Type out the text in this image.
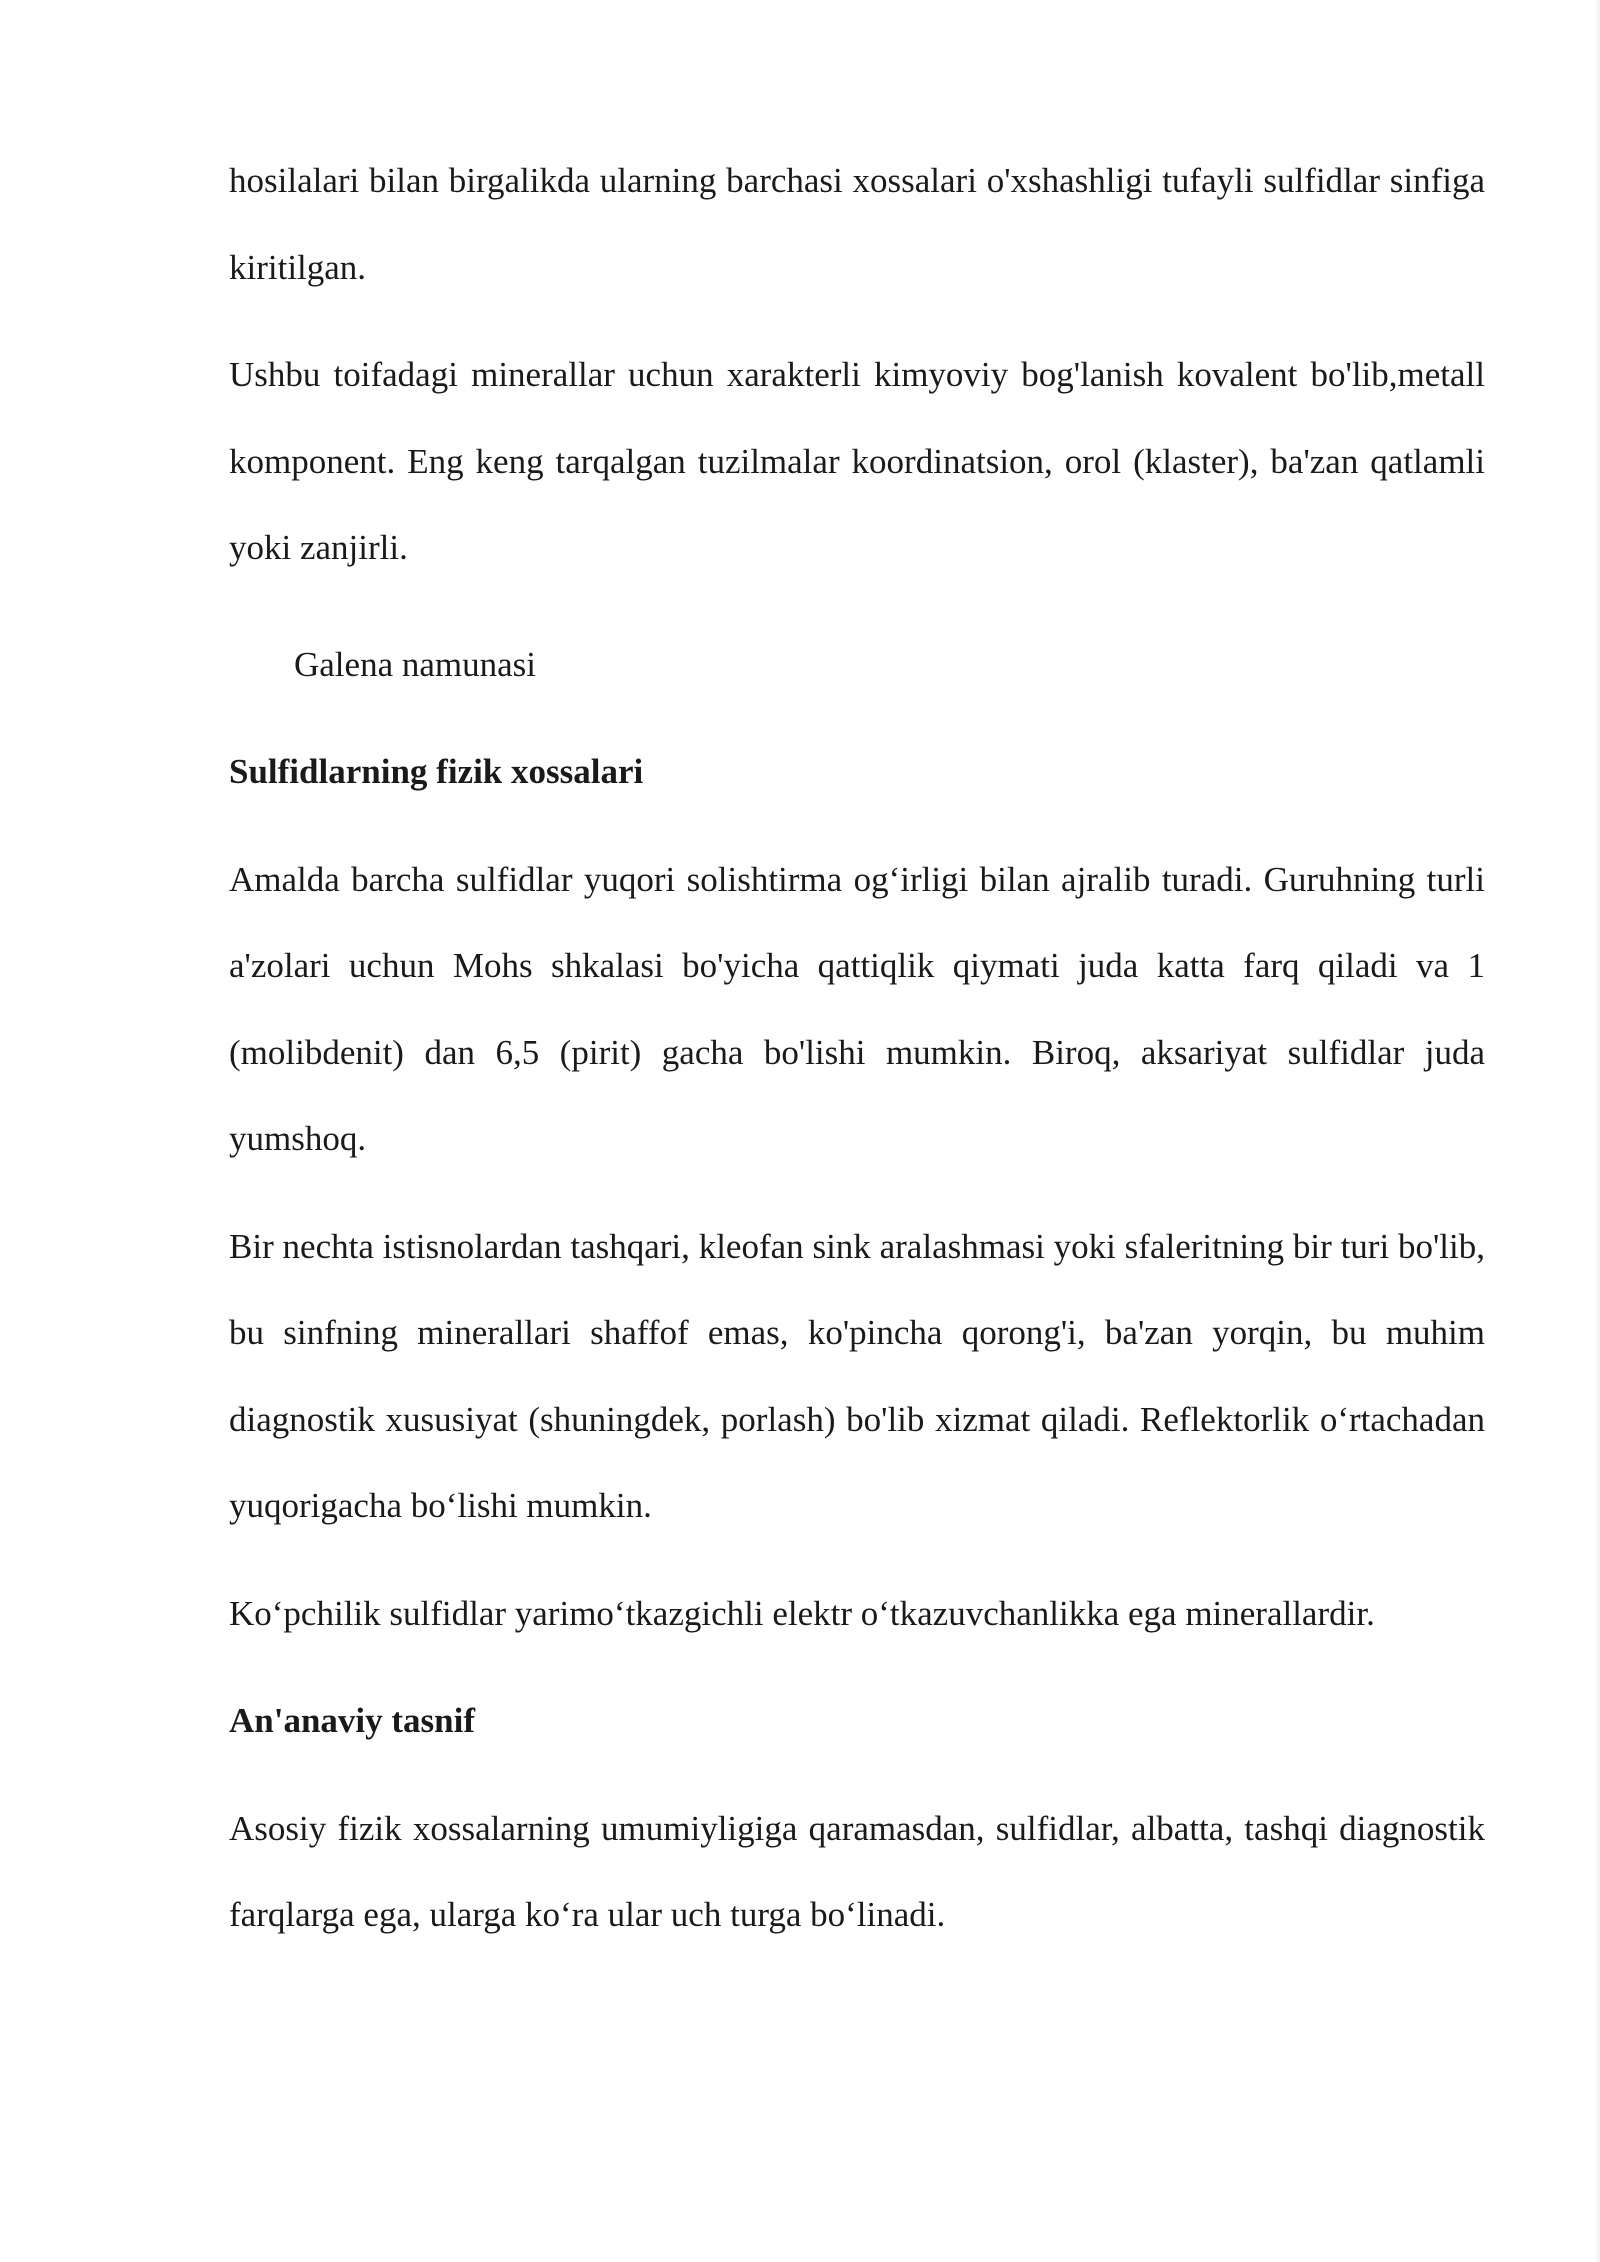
hosilalari bilan birgalikda ularning barchasi xossalari o'xshashligi tufayli sulfidlar sinfiga kiritilgan.

Ushbu toifadagi minerallar uchun xarakterli kimyoviy bog'lanish kovalent bo'lib,metall komponent. Eng keng tarqalgan tuzilmalar koordinatsion, orol (klaster), ba'zan qatlamli yoki zanjirli.

Galena namunasi

Sulfidlarning fizik xossalari

Amalda barcha sulfidlar yuqori solishtirma og‘irligi bilan ajralib turadi. Guruhning turli a'zolari uchun Mohs shkalasi bo'yicha qattiqlik qiymati juda katta farq qiladi va 1 (molibdenit) dan 6,5 (pirit) gacha bo'lishi mumkin. Biroq, aksariyat sulfidlar juda yumshoq.

Bir nechta istisnolardan tashqari, kleofan sink aralashmasi yoki sfaleritning bir turi bo'lib, bu sinfning minerallari shaffof emas, ko'pincha qorong'i, ba'zan yorqin, bu muhim diagnostik xususiyat (shuningdek, porlash) bo'lib xizmat qiladi. Reflektorlik o‘rtachadan yuqorigacha bo‘lishi mumkin.

Ko‘pchilik sulfidlar yarimo‘tkazgichli elektr o‘tkazuvchanlikka ega minerallardir.

An'anaviy tasnif

Asosiy fizik xossalarning umumiyligiga qaramasdan, sulfidlar, albatta, tashqi diagnostik farqlarga ega, ularga ko‘ra ular uch turga bo‘linadi.
